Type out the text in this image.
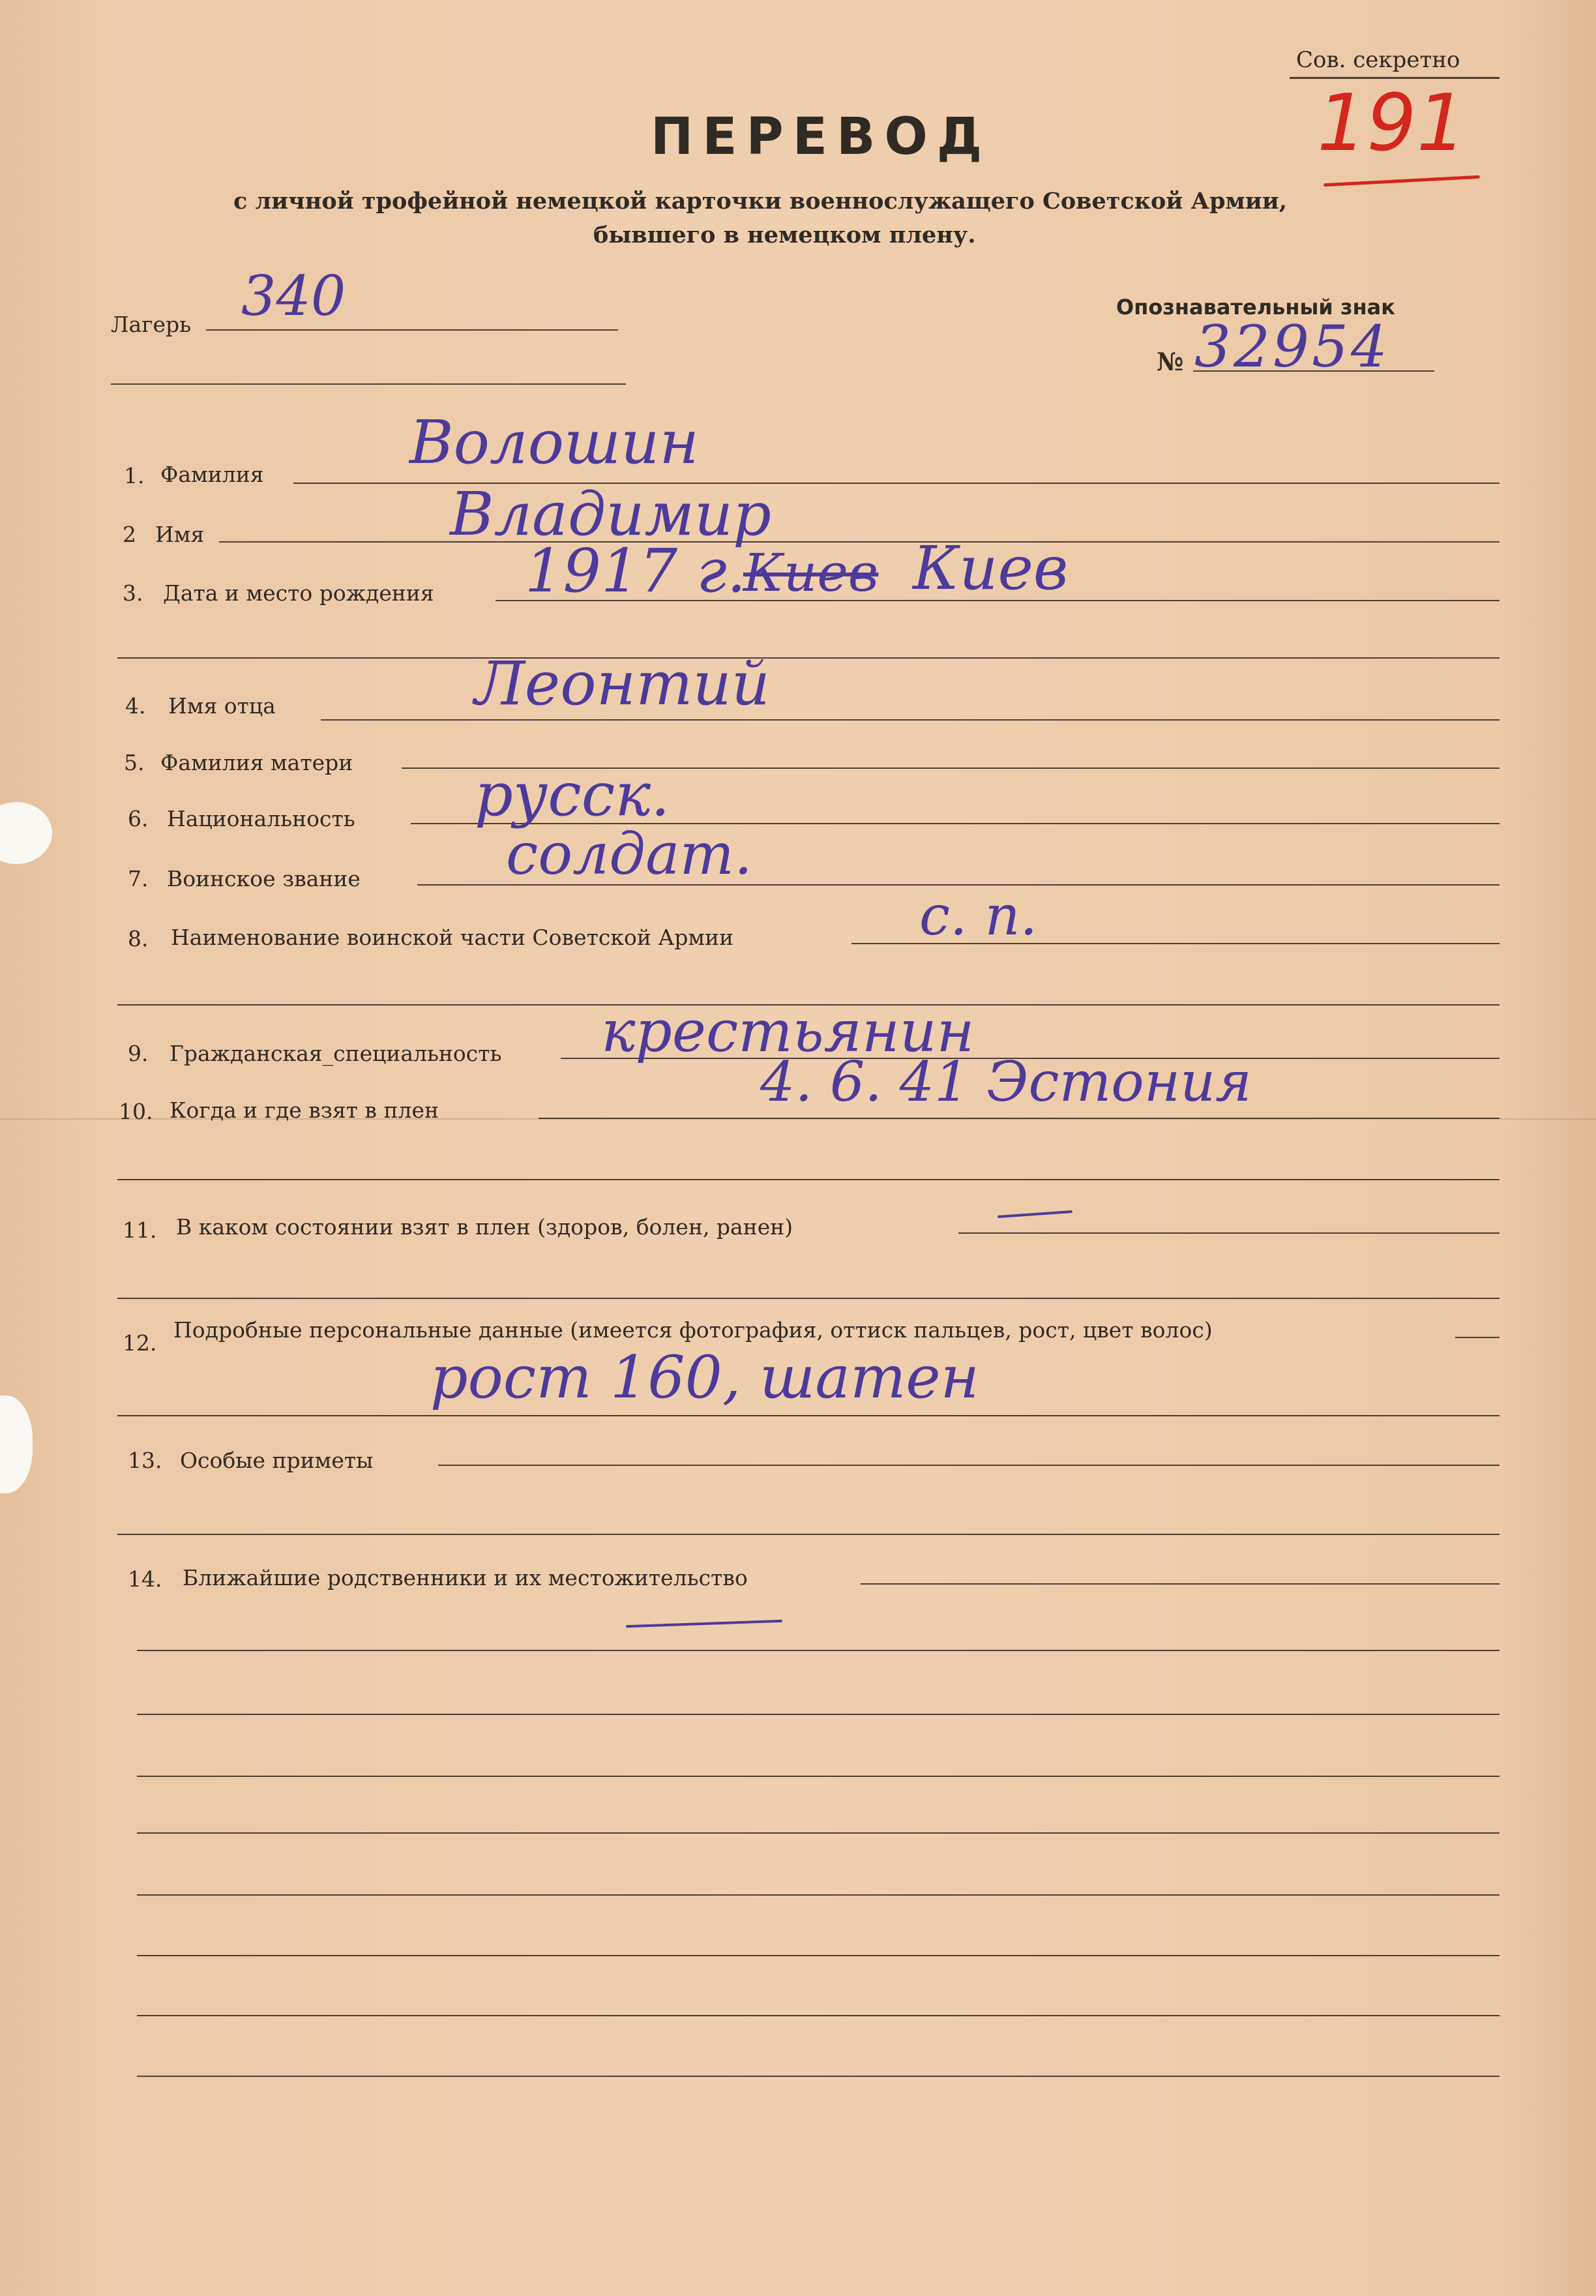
Сов. секретно
191
ПЕРЕВОД
с личной трофейной немецкой карточки военнослужащего Советской Армии,
бывшего в немецком плену.
Лагерь 340	Опознавательный знак
№ 32954
1. Фамилия Волошин
2 Имя	Владимир
3. Дата и место рождения 1917 г.
Киев Киев
4. Имя отца	Леонтий
5. Фамилия матери
6. Национальность русск.
7. Воинское звание	солдат.
8. Наименование воинской части Советской Армии	с. п.
9. Гражданская_специальность крестьянин
10. Когда и где взят в плен	4. 6. 41 Эстония
11. В каком состоянии взят в плен (здоров, болен, ранен)
12.
Подробные персональные данные (имеется фотография, оттиск пальцев, рост, цвет волос)
рост 160, шатен
13. Особые приметы
14. Ближайшие родственники и их местожительство
